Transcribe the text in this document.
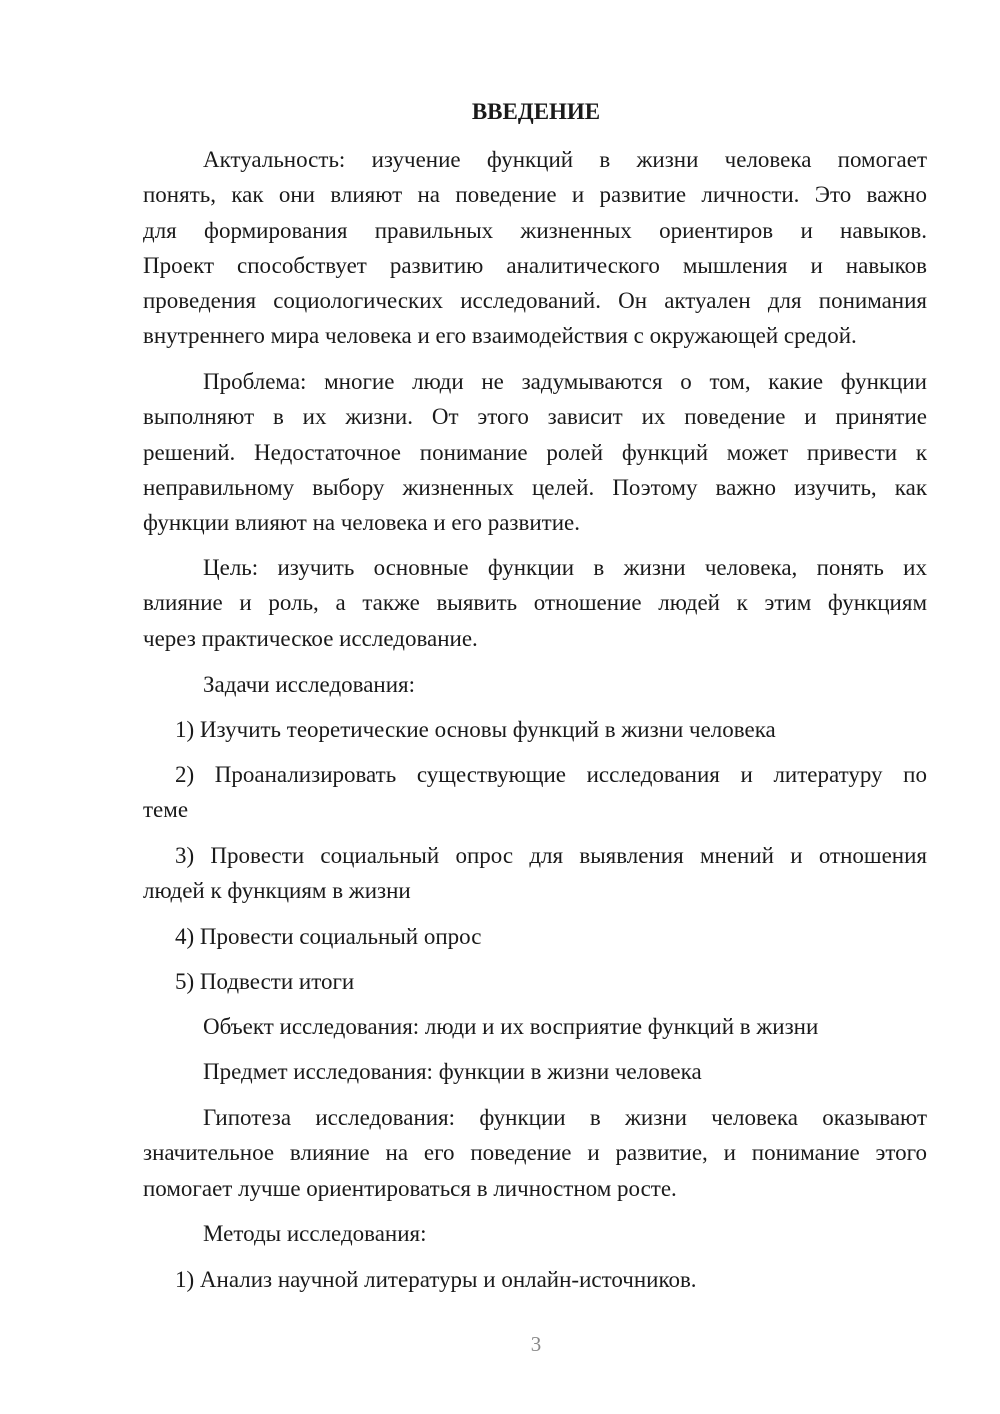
ВВЕДЕНИЕ
Актуальность: изучение функций в жизни человека помогает
понять, как они влияют на поведение и развитие личности. Это важно
для формирования правильных жизненных ориентиров и навыков.
Проект способствует развитию аналитического мышления и навыков
проведения социологических исследований. Он актуален для понимания
внутреннего мира человека и его взаимодействия с окружающей средой.
Проблема: многие люди не задумываются о том, какие функции
выполняют в их жизни. От этого зависит их поведение и принятие
решений. Недостаточное понимание ролей функций может привести к
неправильному выбору жизненных целей. Поэтому важно изучить, как
функции влияют на человека и его развитие.
Цель: изучить основные функции в жизни человека, понять их
влияние и роль, а также выявить отношение людей к этим функциям
через практическое исследование.
Задачи исследования:
1) Изучить теоретические основы функций в жизни человека
2) Проанализировать существующие исследования и литературу по
теме
3) Провести социальный опрос для выявления мнений и отношения
людей к функциям в жизни
4) Провести социальный опрос
5) Подвести итоги
Объект исследования: люди и их восприятие функций в жизни
Предмет исследования: функции в жизни человека
Гипотеза исследования: функции в жизни человека оказывают
значительное влияние на его поведение и развитие, и понимание этого
помогает лучше ориентироваться в личностном росте.
Методы исследования:
1) Анализ научной литературы и онлайн-источников.
3
